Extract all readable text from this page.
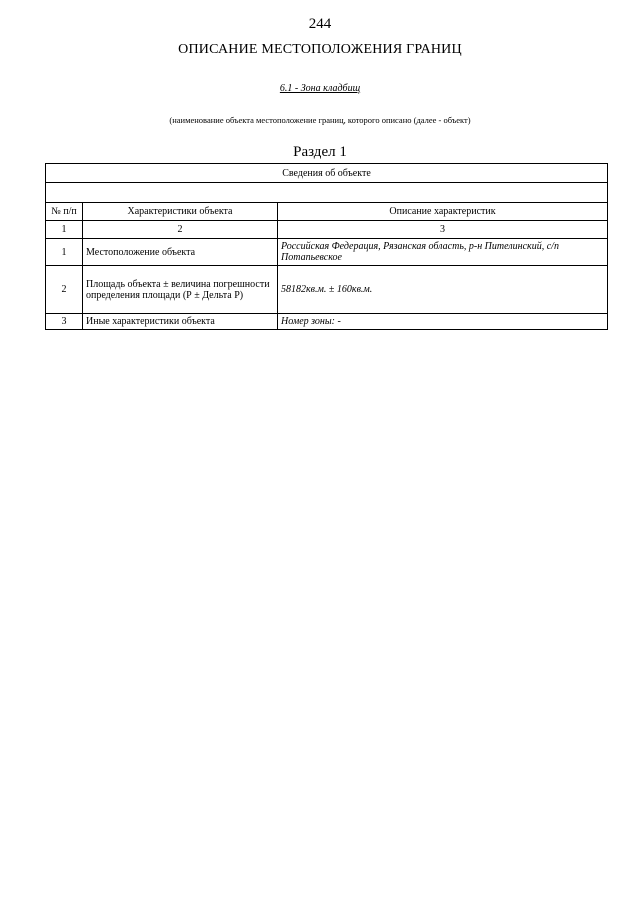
244
ОПИСАНИЕ МЕСТОПОЛОЖЕНИЯ ГРАНИЦ
6.1 - Зона кладбищ
(наименование объекта местоположение границ, которого описано (далее - объект)
Раздел 1
Сведения об объекте		

№ п/п	Характеристики объекта	Описание характеристик
1	2	3
1	Местоположение объекта	Российская Федерация, Рязанская область, р-н Пителинский, с/п Потапьевское
2	Площадь объекта ± величина погрешности определения площади (Р ± Дельта Р)	58182кв.м. ± 160кв.м.
3	Иные характеристики объекта	Номер зоны: -
